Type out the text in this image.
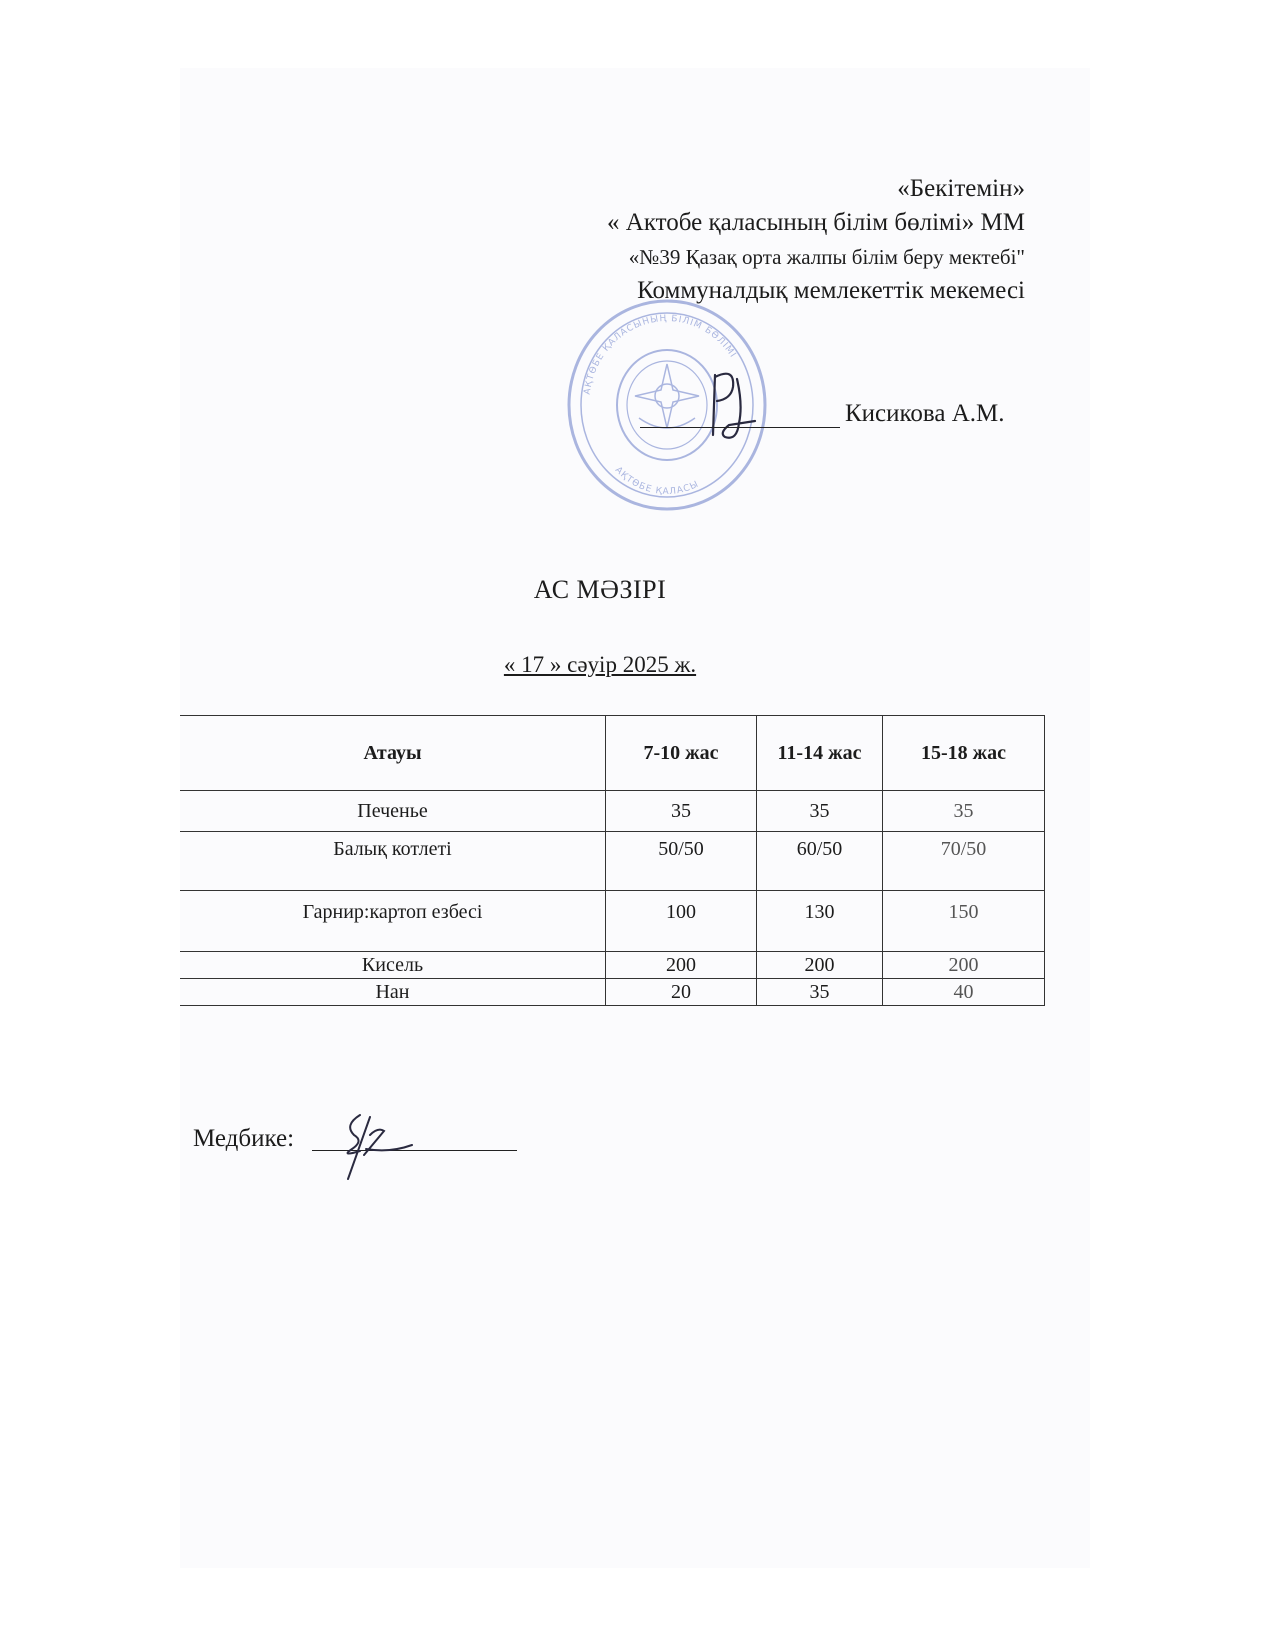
«Бекітемін»
« Актобе қаласының білім бөлімі» ММ
«№39 Қазақ орта жалпы білім беру мектебі"
Коммуналдық мемлекеттік мекемесі
АҚТӨБЕ ҚАЛАСЫНЫҢ БІЛІМ БӨЛІМІ
АҚТӨБЕ ҚАЛАСЫ
Кисикова А.М.
АС МӘЗІРІ
« 17 » сәуір 2025 ж.
Атауы	7-10 жас	11-14 жас	15-18 жас
Печенье	35	35	35
Балық котлеті	50/50	60/50	70/50
Гарнир:картоп езбесі	100	130	150
Кисель	200	200	200
Нан	20	35	40
Медбике:
